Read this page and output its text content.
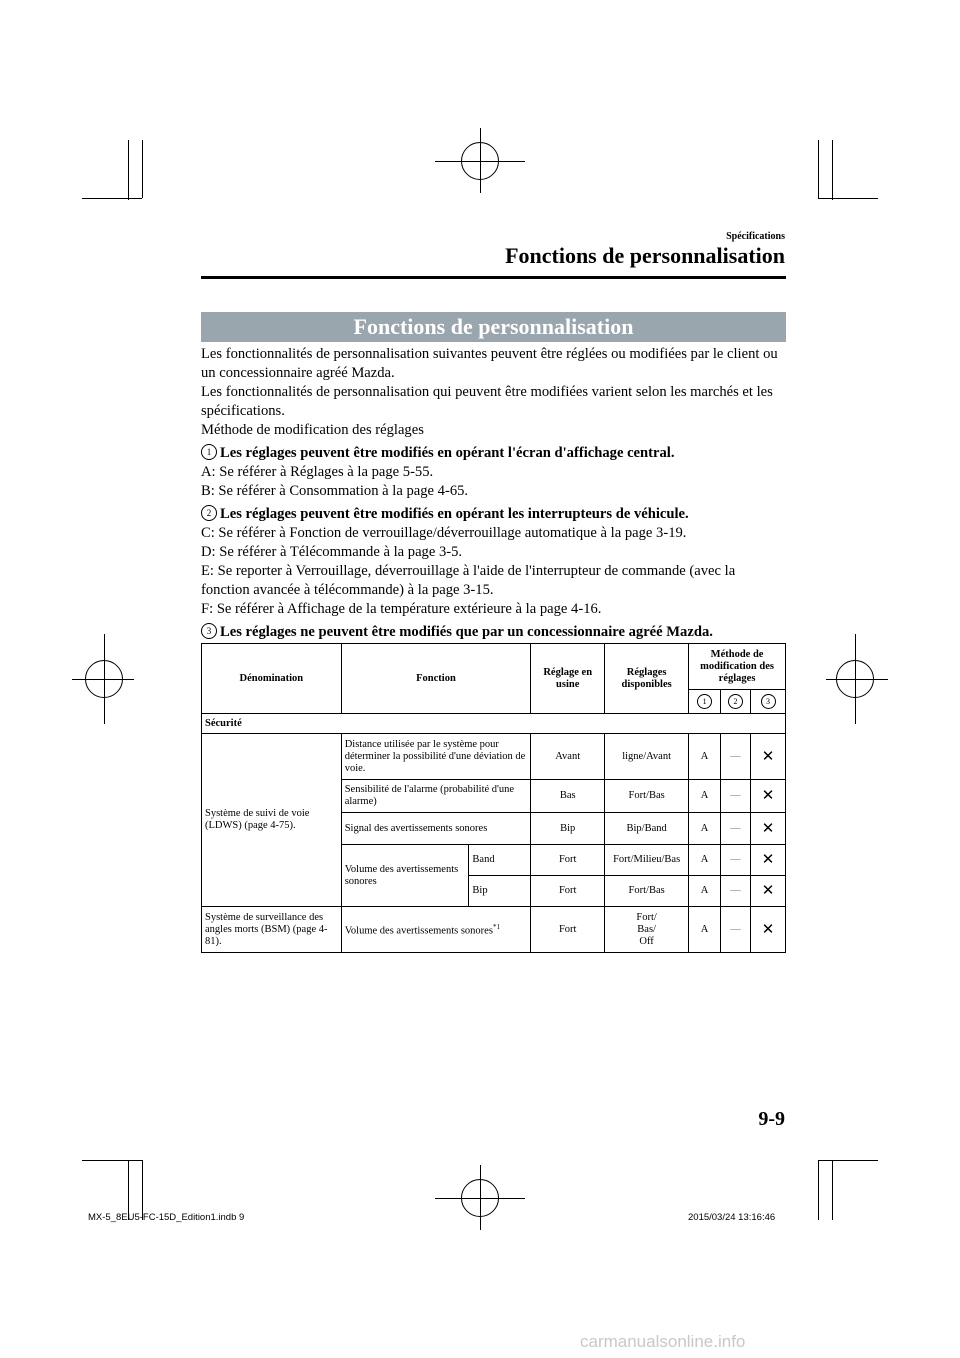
Spécifications
Fonctions de personnalisation
Fonctions de personnalisation

Les fonctionnalités de personnalisation suivantes peuvent être réglées ou modifiées par le client ou un concessionnaire agréé Mazda.

Les fonctionnalités de personnalisation qui peuvent être modifiées varient selon les marchés et les spécifications.

Méthode de modification des réglages

1 Les réglages peuvent être modifiés en opérant l'écran d'affichage central.

A: Se référer à Réglages à la page 5-55.

B: Se référer à Consommation à la page 4-65.

2 Les réglages peuvent être modifiés en opérant les interrupteurs de véhicule.

C: Se référer à Fonction de verrouillage/déverrouillage automatique à la page 3-19.

D: Se référer à Télécommande à la page 3-5.

E: Se reporter à Verrouillage, déverrouillage à l'aide de l'interrupteur de commande (avec la fonction avancée à télécommande) à la page 3-15.

F: Se référer à Affichage de la température extérieure à la page 4-16.

3 Les réglages ne peuvent être modifiés que par un concessionnaire agréé Mazda.

Dénomination	Fonction		Réglage en usine	Réglages disponibles	Méthode de modification des réglages		
					1	2	3
Sécurité							
Système de suivi de voie (LDWS) (page 4-75).	Distance utilisée par le système pour déterminer la possibilité d'une déviation de voie.		Avant	ligne/Avant	A	—	✕
	Sensibilité de l'alarme (probabilité d'une alarme)		Bas	Fort/Bas	A	—	✕
	Signal des avertissements sonores		Bip	Bip/Band	A	—	✕
	Volume des avertissements sonores	Band	Fort	Fort/Milieu/Bas	A	—	✕
		Bip	Fort	Fort/Bas	A	—	✕
Système de surveillance des angles morts (BSM) (page 4-81).	Volume des avertissements sonores$^{*1}$		Fort	Fort/ Bas/ Off	A	—	✕
9-9
MX-5_8EU5-FC-15D_Edition1.indb 9	2015/03/24 13:16:46
carmanualsonline.info
